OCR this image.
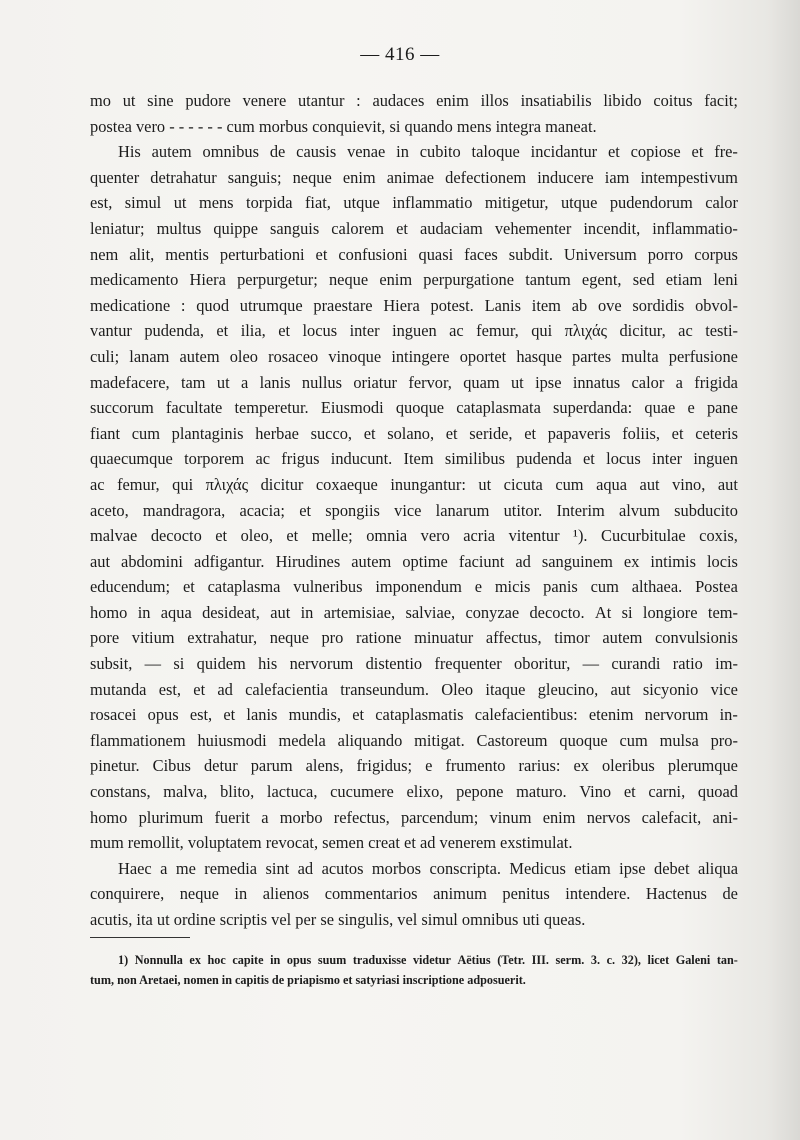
— 416 —
mo ut sine pudore venere utantur : audaces enim illos insatiabilis libido coitus facit;
postea vero - - - - - - cum morbus conquievit, si quando mens integra maneat.
His autem omnibus de causis venae in cubito taloque incidantur et copiose et fre-
quenter detrahatur sanguis; neque enim animae defectionem inducere iam intempestivum
est, simul ut mens torpida fiat, utque inflammatio mitigetur, utque pudendorum calor
leniatur; multus quippe sanguis calorem et audaciam vehementer incendit, inflammatio-
nem alit, mentis perturbationi et confusioni quasi faces subdit. Universum porro corpus
medicamento Hiera perpurgetur; neque enim perpurgatione tantum egent, sed etiam leni
medicatione : quod utrumque praestare Hiera potest. Lanis item ab ove sordidis obvol-
vantur pudenda, et ilia, et locus inter inguen ac femur, qui πλιχάς dicitur, ac testi-
culi; lanam autem oleo rosaceo vinoque intingere oportet hasque partes multa perfusione
madefacere, tam ut a lanis nullus oriatur fervor, quam ut ipse innatus calor a frigida
succorum facultate temperetur. Eiusmodi quoque cataplasmata superdanda: quae e pane
fiant cum plantaginis herbae succo, et solano, et seride, et papaveris foliis, et ceteris
quaecumque torporem ac frigus inducunt. Item similibus pudenda et locus inter inguen
ac femur, qui πλιχάς dicitur coxaeque inungantur: ut cicuta cum aqua aut vino, aut
aceto, mandragora, acacia; et spongiis vice lanarum utitor. Interim alvum subducito
malvae decocto et oleo, et melle; omnia vero acria vitentur ¹). Cucurbitulae coxis,
aut abdomini adfigantur. Hirudines autem optime faciunt ad sanguinem ex intimis locis
educendum; et cataplasma vulneribus imponendum e micis panis cum althaea. Postea
homo in aqua desideat, aut in artemisiae, salviae, conyzae decocto. At si longiore tem-
pore vitium extrahatur, neque pro ratione minuatur affectus, timor autem convulsionis
subsit, — si quidem his nervorum distentio frequenter oboritur, — curandi ratio im-
mutanda est, et ad calefacientia transeundum. Oleo itaque gleucino, aut sicyonio vice
rosacei opus est, et lanis mundis, et cataplasmatis calefacientibus: etenim nervorum in-
flammationem huiusmodi medela aliquando mitigat. Castoreum quoque cum mulsa pro-
pinetur. Cibus detur parum alens, frigidus; e frumento rarius: ex oleribus plerumque
constans, malva, blito, lactuca, cucumere elixo, pepone maturo. Vino et carni, quoad
homo plurimum fuerit a morbo refectus, parcendum; vinum enim nervos calefacit, ani-
mum remollit, voluptatem revocat, semen creat et ad venerem exstimulat.
Haec a me remedia sint ad acutos morbos conscripta. Medicus etiam ipse debet aliqua
conquirere, neque in alienos commentarios animum penitus intendere. Hactenus de
acutis, ita ut ordine scriptis vel per se singulis, vel simul omnibus uti queas.
1) Nonnulla ex hoc capite in opus suum traduxisse videtur Aëtius (Tetr. III. serm. 3. c. 32), licet Galeni tan-
tum, non Aretaei, nomen in capitis de priapismo et satyriasi inscriptione adposuerit.
